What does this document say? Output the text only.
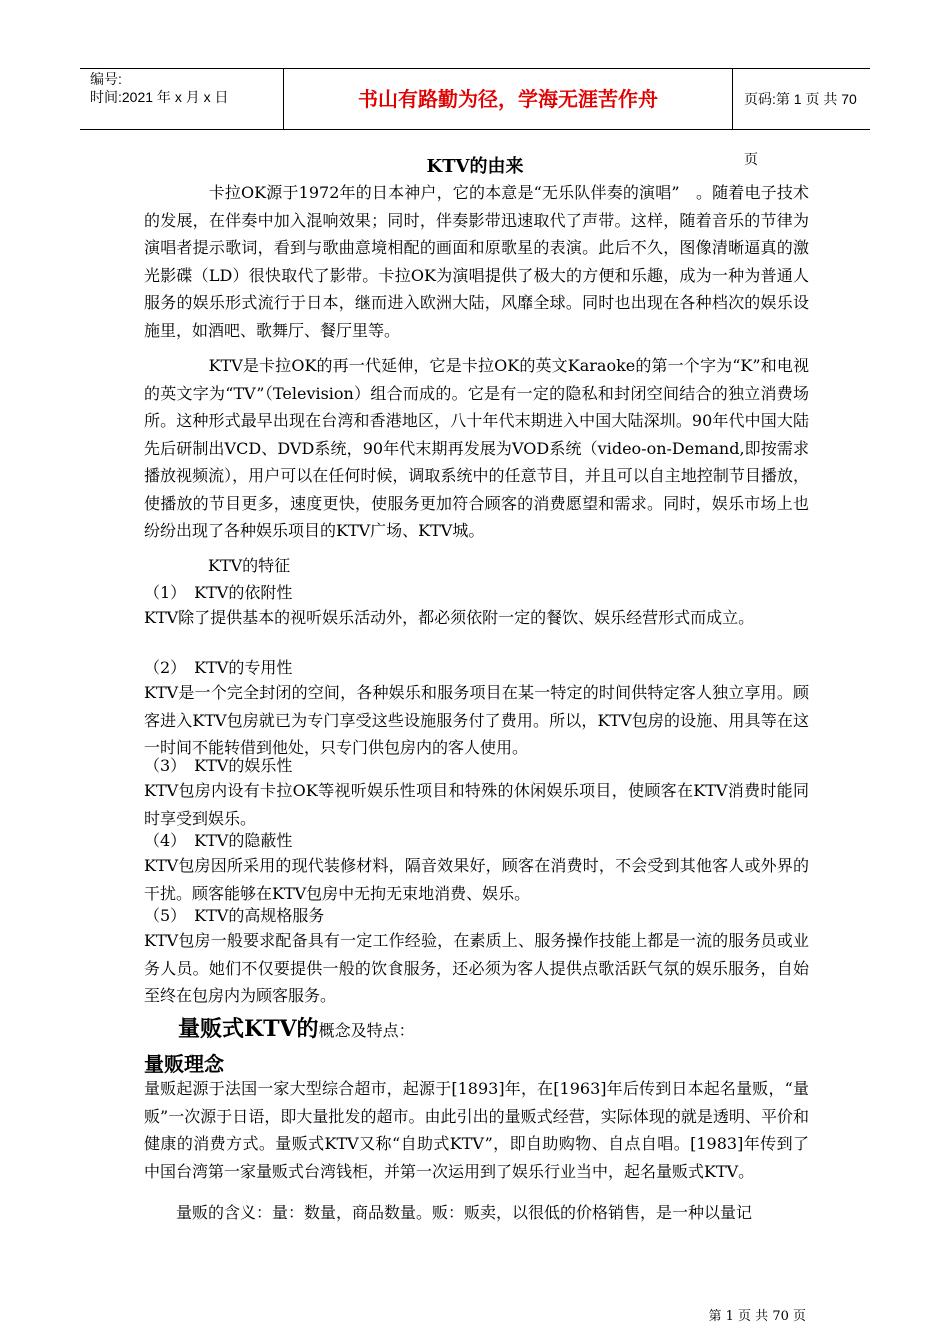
编号:
时间:2021 年 x 月 x 日	书山有路勤为径，学海无涯苦作舟	页码:第 1 页 共 70 页
KTV的由来
　　　　卡拉OK源于1972年的日本神户，它的本意是“无乐队伴奏的演唱”　。随着电子技术的发展，在伴奏中加入混响效果；同时，伴奏影带迅速取代了声带。这样，随着音乐的节律为演唱者提示歌词，看到与歌曲意境相配的画面和原歌星的表演。此后不久，图像清晰逼真的激光影碟（LD）很快取代了影带。卡拉OK为演唱提供了极大的方便和乐趣，成为一种为普通人服务的娱乐形式流行于日本，继而进入欧洲大陆，风靡全球。同时也出现在各种档次的娱乐设施里，如酒吧、歌舞厅、餐厅里等。
　　　　KTV是卡拉OK的再一代延伸，它是卡拉OK的英文Karaoke的第一个字为“K”和电视的英文字为“TV”（Television）组合而成的。它是有一定的隐私和封闭空间结合的独立消费场所。这种形式最早出现在台湾和香港地区，八十年代末期进入中国大陆深圳。90年代中国大陆先后研制出VCD、DVD系统，90年代末期再发展为VOD系统（video-on-Demand,即按需求播放视频流），用户可以在任何时候，调取系统中的任意节目，并且可以自主地控制节目播放，使播放的节目更多，速度更快，使服务更加符合顾客的消费愿望和需求。同时，娱乐市场上也纷纷出现了各种娱乐项目的KTV广场、KTV城。
　　　　KTV的特征
（1）　KTV的依附性
KTV除了提供基本的视听娱乐活动外，都必须依附一定的餐饮、娱乐经营形式而成立。
（2）　KTV的专用性
KTV是一个完全封闭的空间，各种娱乐和服务项目在某一特定的时间供特定客人独立享用。顾客进入KTV包房就已为专门享受这些设施服务付了费用。所以，KTV包房的设施、用具等在这一时间不能转借到他处，只专门供包房内的客人使用。
（3）　KTV的娱乐性
KTV包房内设有卡拉OK等视听娱乐性项目和特殊的休闲娱乐项目，使顾客在KTV消费时能同时享受到娱乐。
（4）　KTV的隐蔽性
KTV包房因所采用的现代装修材料，隔音效果好，顾客在消费时，不会受到其他客人或外界的干扰。顾客能够在KTV包房中无拘无束地消费、娱乐。
（5）　KTV的高规格服务
KTV包房一般要求配备具有一定工作经验，在素质上、服务操作技能上都是一流的服务员或业务人员。她们不仅要提供一般的饮食服务，还必须为客人提供点歌活跃气氛的娱乐服务，自始至终在包房内为顾客服务。
量贩式KTV的概念及特点：
量贩理念
量贩起源于法国一家大型综合超市，起源于[1893]年，在[1963]年后传到日本起名量贩，“量贩”一次源于日语，即大量批发的超市。由此引出的量贩式经营，实际体现的就是透明、平价和健康的消费方式。量贩式KTV又称“自助式KTV”，即自助购物、自点自唱。[1983]年传到了中国台湾第一家量贩式台湾钱柜，并第一次运用到了娱乐行业当中，起名量贩式KTV。
　　量贩的含义：量：数量，商品数量。贩：贩卖，以很低的价格销售，是一种以量记
第 1 页 共 70 页
